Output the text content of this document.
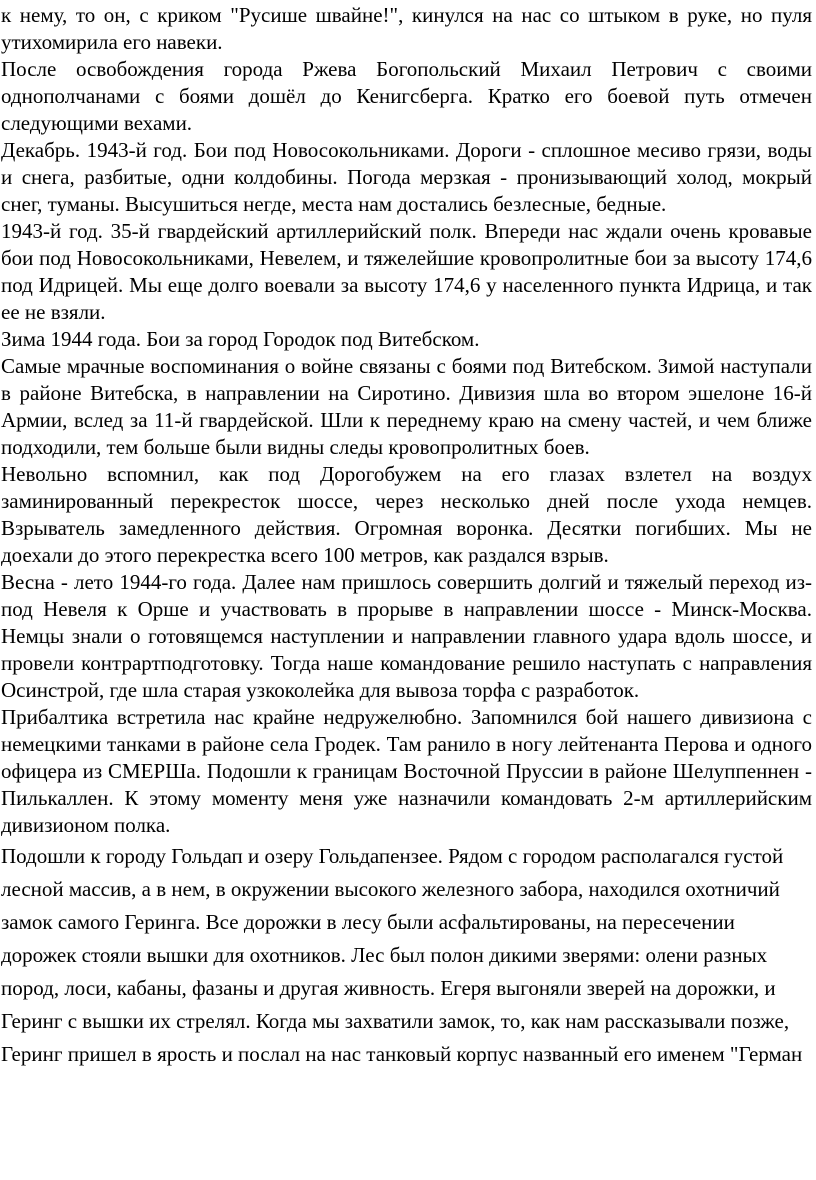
к нему, то он, с криком "Русише швайне!", кинулся на нас со штыком в руке, но пуля утихомирила его навеки.

После освобождения города Ржева Богопольский Михаил Петрович с своими однополчанами с боями дошёл до Кенигсберга. Кратко его боевой путь отмечен следующими вехами.

Декабрь. 1943-й год. Бои под Новосокольниками. Дороги - сплошное месиво грязи, воды и снега, разбитые, одни колдобины. Погода мерзкая - пронизывающий холод, мокрый снег, туманы. Высушиться негде, места нам достались безлесные, бедные.

1943-й год. 35-й гвардейский артиллерийский полк. Впереди нас ждали очень кровавые бои под Новосокольниками, Невелем, и тяжелейшие кровопролитные бои за высоту 174,6 под Идрицей. Мы еще долго воевали за высоту 174,6 у населенного пункта Идрица, и так ее не взяли.

Зима 1944 года. Бои за город Городок под Витебском.

Самые мрачные воспоминания о войне связаны с боями под Витебском. Зимой наступали в районе Витебска, в направлении на Сиротино. Дивизия шла во втором эшелоне 16-й Армии, вслед за 11-й гвардейской. Шли к переднему краю на смену частей, и чем ближе подходили, тем больше были видны следы кровопролитных боев.

Невольно вспомнил, как под Дорогобужем на его глазах взлетел на воздух заминированный перекресток шоссе, через несколько дней после ухода немцев. Взрыватель замедленного действия. Огромная воронка. Десятки погибших. Мы не доехали до этого перекрестка всего 100 метров, как раздался взрыв.

Весна - лето 1944-го года. Далее нам пришлось совершить долгий и тяжелый переход из-под Невеля к Орше и участвовать в прорыве в направлении шоссе - Минск-Москва. Немцы знали о готовящемся наступлении и направлении главного удара вдоль шоссе, и провели контрартподготовку. Тогда наше командование решило наступать с направления Осинстрой, где шла старая узкоколейка для вывоза торфа с разработок.

Прибалтика встретила нас крайне недружелюбно. Запомнился бой нашего дивизиона с немецкими танками в районе села Гродек. Там ранило в ногу лейтенанта Перова и одного офицера из СМЕРШа. Подошли к границам Восточной Пруссии в районе Шелуппеннен - Пилькаллен. К этому моменту меня уже назначили командовать 2-м артиллерийским дивизионом полка.

Подошли к городу Гольдап и озеру Гольдапензее. Рядом с городом располагался густой лесной массив, а в нем, в окружении высокого железного забора, находился охотничий замок самого Геринга. Все дорожки в лесу были асфальтированы, на пересечении дорожек стояли вышки для охотников. Лес был полон дикими зверями: олени разных пород, лоси, кабаны, фазаны и другая живность. Егеря выгоняли зверей на дорожки, и Геринг с вышки их стрелял. Когда мы захватили замок, то, как нам рассказывали позже, Геринг пришел в ярость и послал на нас танковый корпус названный его именем "Герман
